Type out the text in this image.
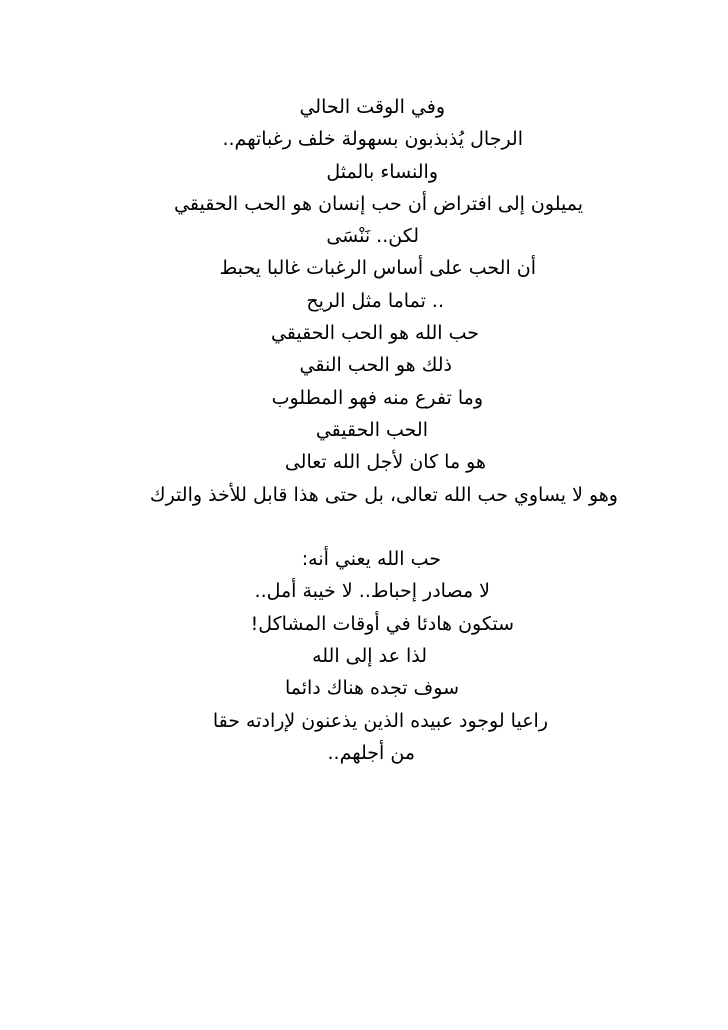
وفي الوقت الحالي
الرجال يُذبذبون بسهولة خلف رغباتهم..
والنساء بالمثل
يميلون إلى افتراض أن حب إنسان هو الحب الحقيقي
لكن.. نَنْسَى
أن الحب على أساس الرغبات غالبا يحبط
.. تماما مثل الريح
حب الله هو الحب الحقيقي
ذلك هو الحب النقي
وما تفرع منه فهو المطلوب
الحب الحقيقي
هو ما كان لأجل الله تعالى
وهو لا يساوي حب الله تعالى، بل حتى هذا قابل للأخذ والترك
حب الله يعني أنه:
لا مصادر إحباط.. لا خيبة أمل..
ستكون هادئا في أوقات المشاكل!
لذا عد إلى الله
سوف تجده هناك دائما
راعيا لوجود عبيده الذين يذعنون لإرادته حقا
من أجلهم..
